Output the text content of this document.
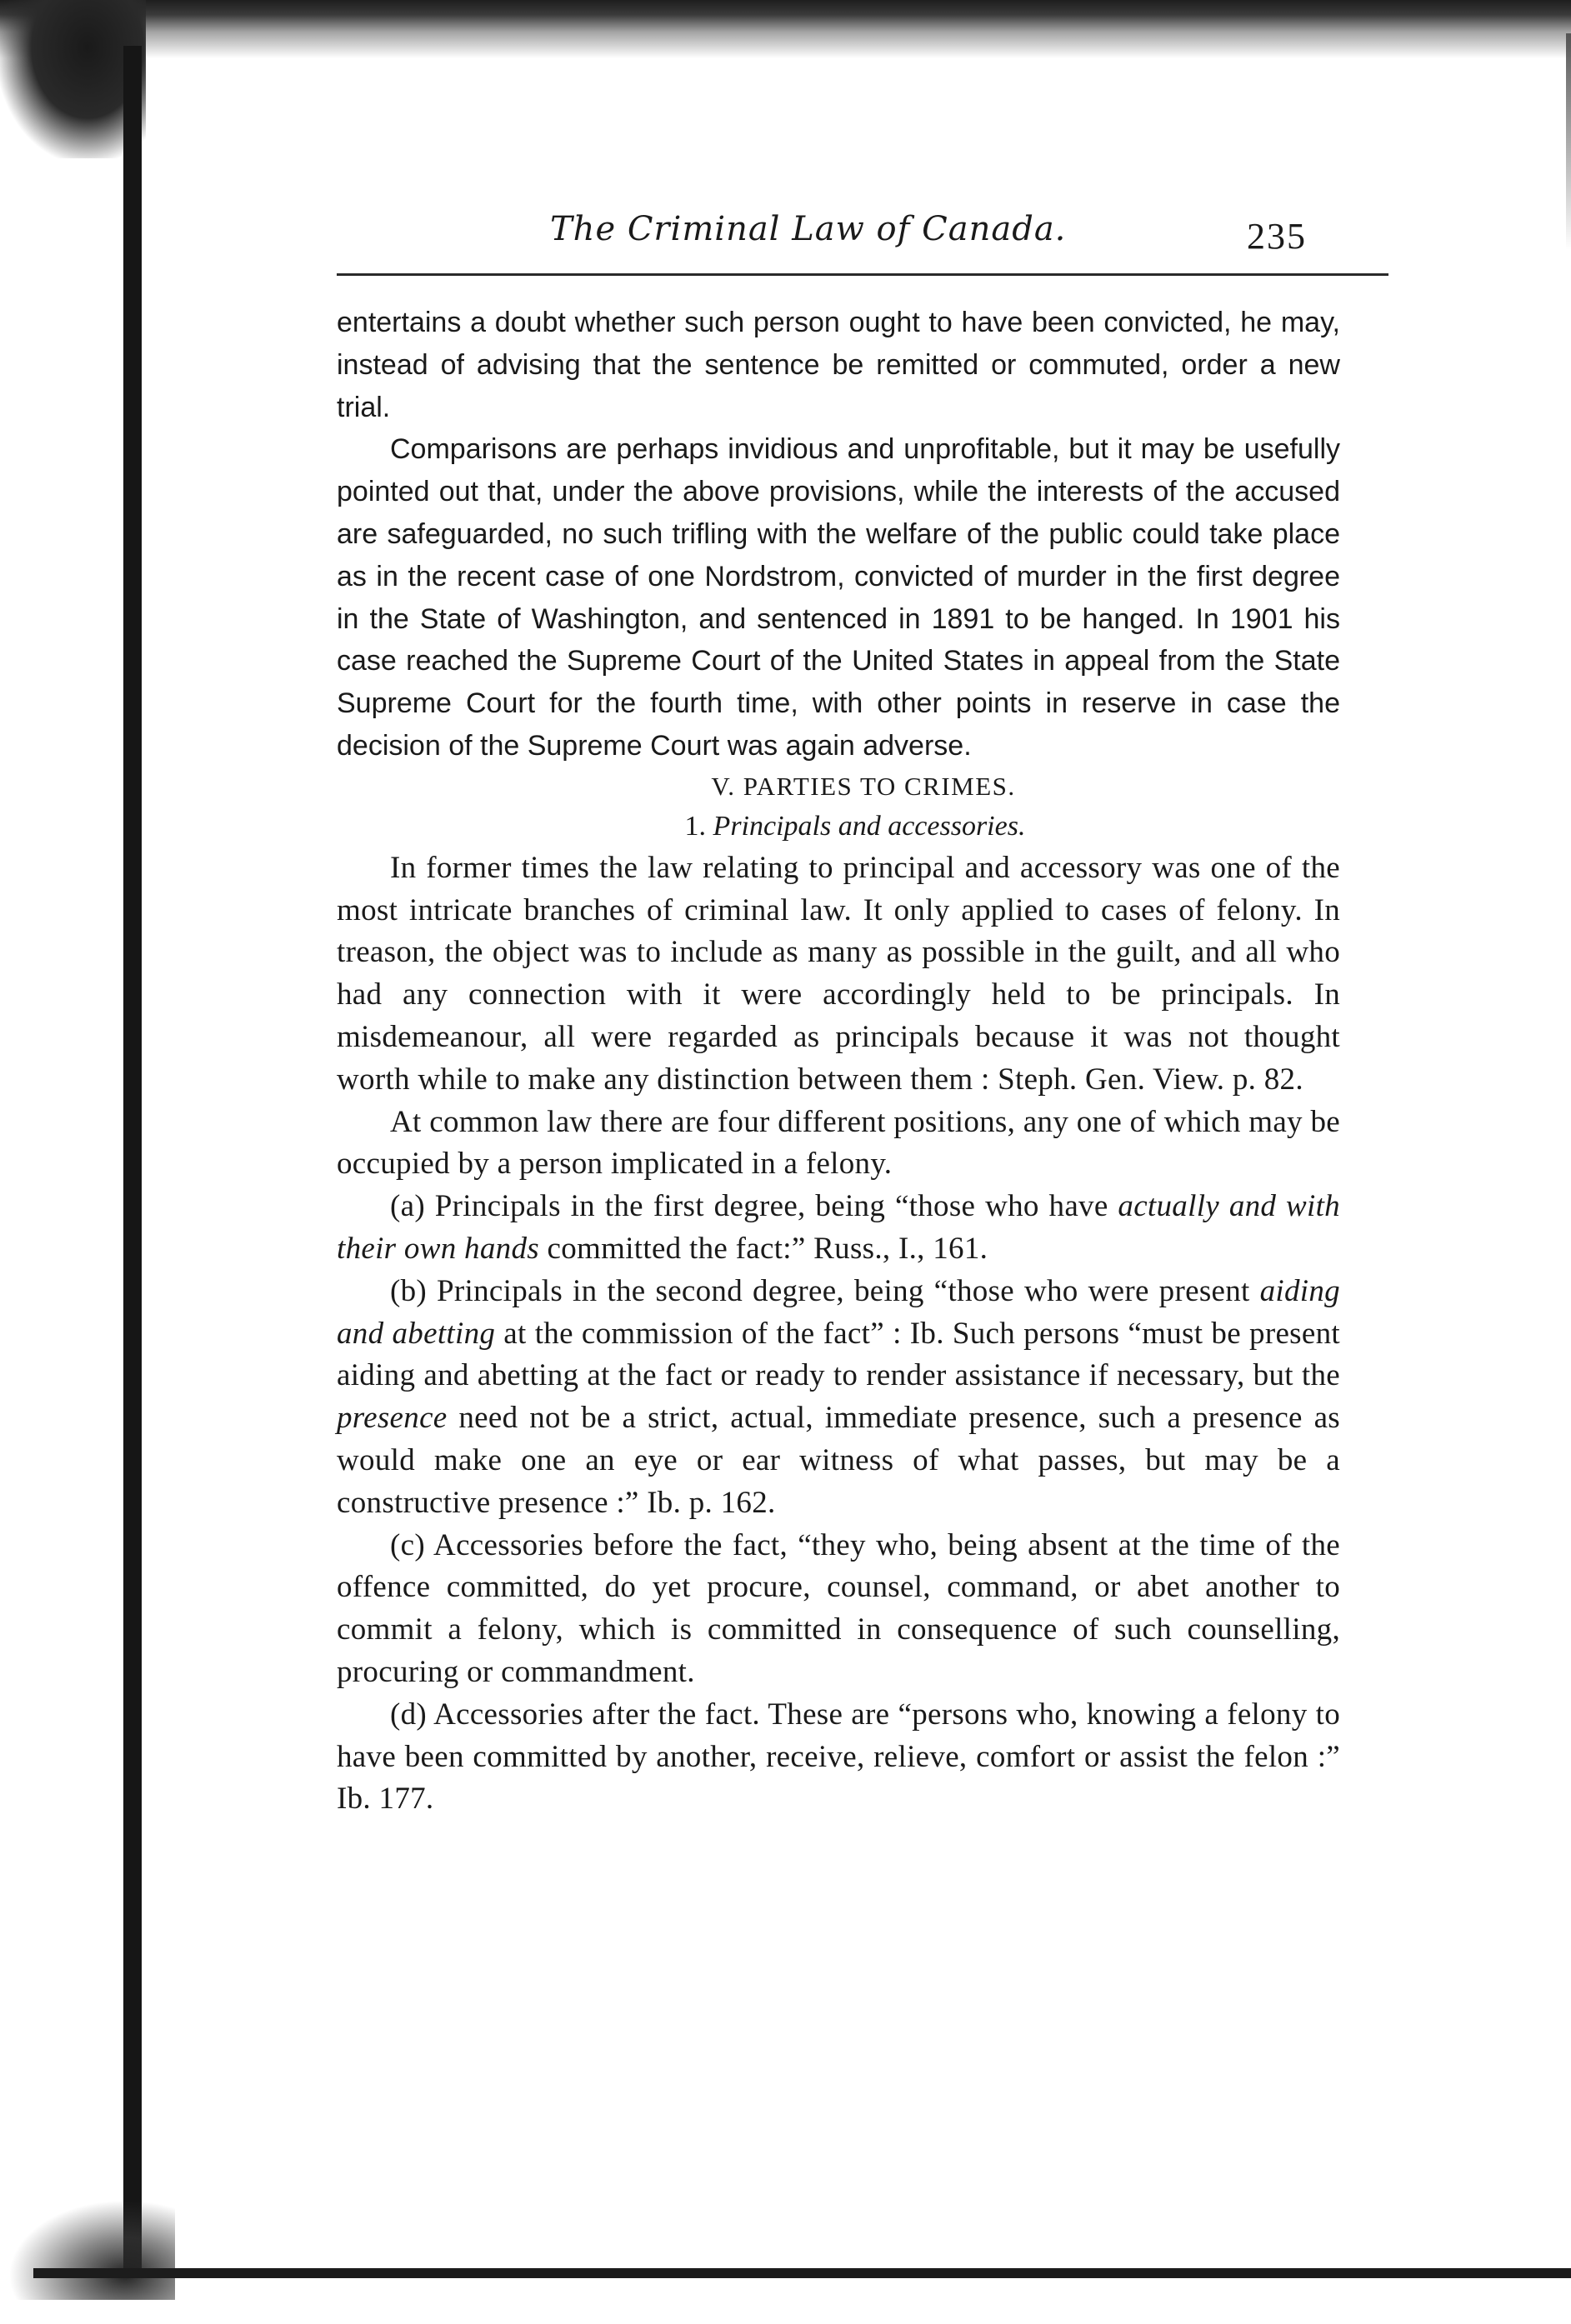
The Criminal Law of Canada.	235

entertains a doubt whether such person ought to have been convicted, he may, instead of advising that the sentence be remitted or commuted, order a new trial.

Comparisons are perhaps invidious and unprofitable, but it may be usefully pointed out that, under the above provisions, while the interests of the accused are safeguarded, no such trifling with the welfare of the public could take place as in the recent case of one Nordstrom, convicted of murder in the first degree in the State of Washington, and sentenced in 1891 to be hanged. In 1901 his case reached the Supreme Court of the United States in appeal from the State Supreme Court for the fourth time, with other points in reserve in case the decision of the Supreme Court was again adverse.

V. PARTIES TO CRIMES.

1. Principals and accessories.

In former times the law relating to principal and accessory was one of the most intricate branches of criminal law. It only applied to cases of felony. In treason, the object was to include as many as possible in the guilt, and all who had any connection with it were accordingly held to be principals. In misdemeanour, all were regarded as principals because it was not thought worth while to make any distinction between them : Steph. Gen. View. p. 82.

At common law there are four different positions, any one of which may be occupied by a person implicated in a felony.

(a) Principals in the first degree, being “those who have actually and with their own hands committed the fact:” Russ., I., 161.

(b) Principals in the second degree, being “those who were present aiding and abetting at the commission of the fact” : Ib. Such persons “must be present aiding and abetting at the fact or ready to render assistance if necessary, but the presence need not be a strict, actual, immediate presence, such a presence as would make one an eye or ear witness of what passes, but may be a constructive presence :” Ib. p. 162.

(c) Accessories before the fact, “they who, being absent at the time of the offence committed, do yet procure, counsel, command, or abet another to commit a felony, which is committed in consequence of such counselling, procuring or commandment.

(d) Accessories after the fact. These are “persons who, knowing a felony to have been committed by another, receive, relieve, comfort or assist the felon :” Ib. 177.
